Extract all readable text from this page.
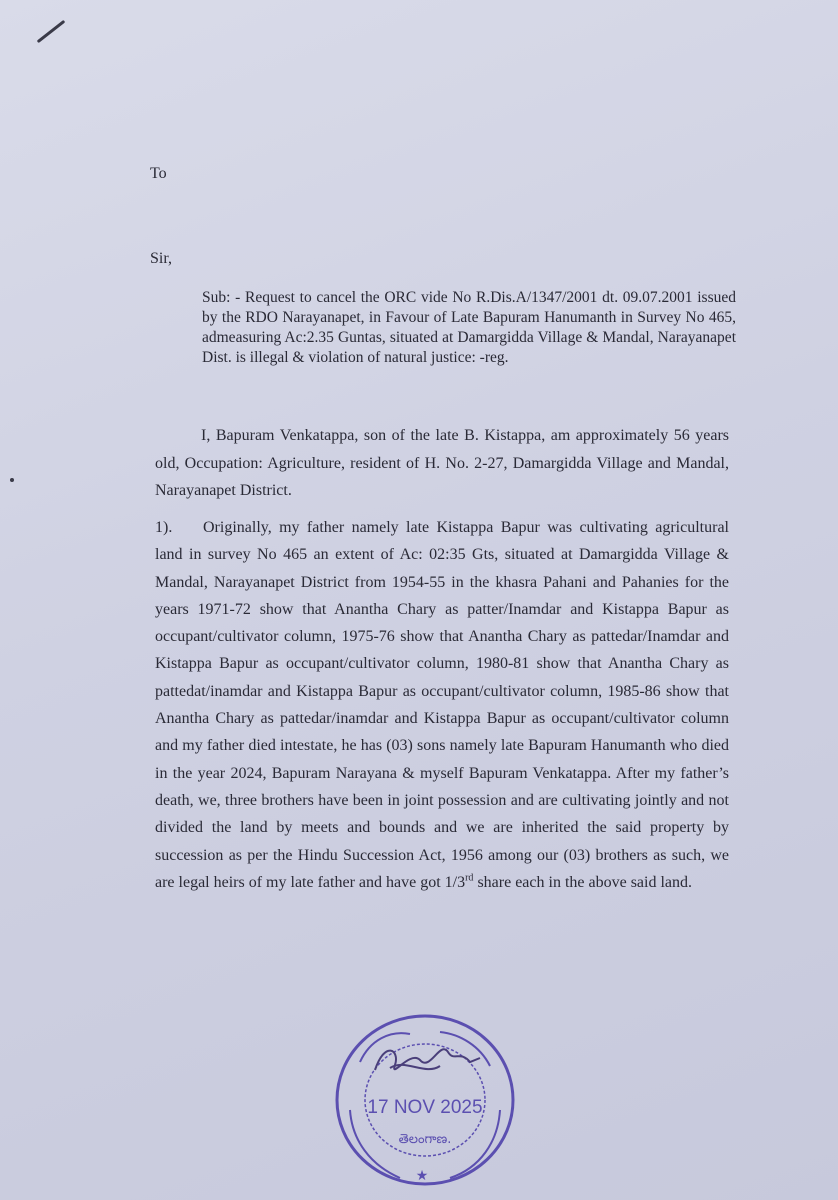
To
Sir,
Sub: - Request to cancel the ORC vide No R.Dis.A/1347/2001 dt. 09.07.2001 issued by the RDO Narayanapet, in Favour of Late Bapuram Hanumanth in Survey No 465, admeasuring Ac:2.35 Guntas, situated at Damargidda Village & Mandal, Narayanapet Dist. is illegal & violation of natural justice: -reg.
I, Bapuram Venkatappa, son of the late B. Kistappa, am approximately 56 years old, Occupation: Agriculture, resident of H. No. 2-27, Damargidda Village and Mandal, Narayanapet District.
1). Originally, my father namely late Kistappa Bapur was cultivating agricultural land in survey No 465 an extent of Ac: 02:35 Gts, situated at Damargidda Village & Mandal, Narayanapet District from 1954-55 in the khasra Pahani and Pahanies for the years 1971-72 show that Anantha Chary as patter/Inamdar and Kistappa Bapur as occupant/cultivator column, 1975-76 show that Anantha Chary as pattedar/Inamdar and Kistappa Bapur as occupant/cultivator column, 1980-81 show that Anantha Chary as pattedat/inamdar and Kistappa Bapur as occupant/cultivator column, 1985-86 show that Anantha Chary as pattedar/inamdar and Kistappa Bapur as occupant/cultivator column and my father died intestate, he has (03) sons namely late Bapuram Hanumanth who died in the year 2024, Bapuram Narayana & myself Bapuram Venkatappa. After my father’s death, we, three brothers have been in joint possession and are cultivating jointly and not divided the land by meets and bounds and we are inherited the said property by succession as per the Hindu Succession Act, 1956 among our (03) brothers as such, we are legal heirs of my late father and have got 1/3rd share each in the above said land.
17 NOV 2025
తెలంగాణ.
★
